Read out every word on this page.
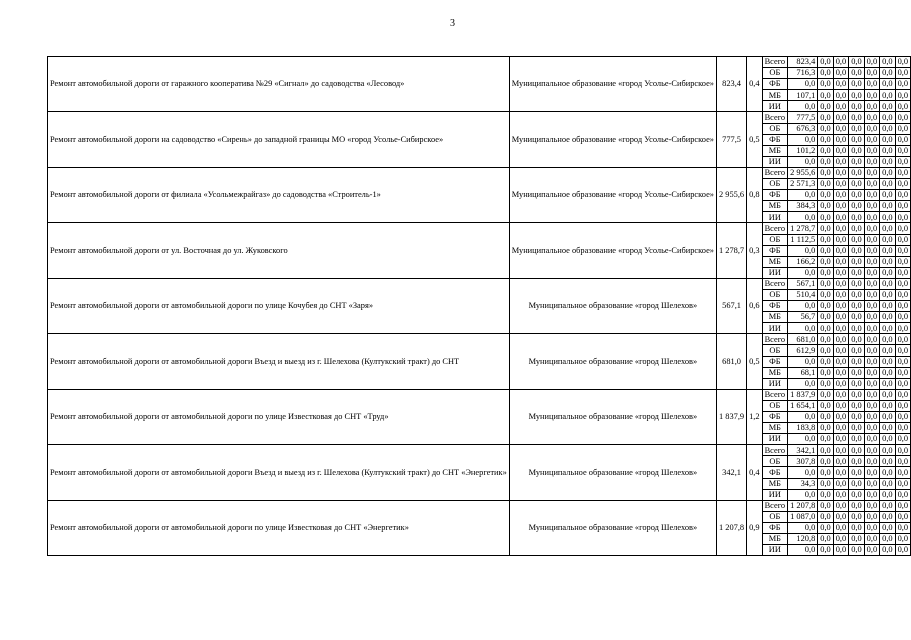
3
Ремонт автомобильной дороги от гаражного кооператива №29 «Сигнал» до садоводства «Лесовод»	Муниципальное образование «город Усолье-Сибирское»	823,4	0,4	Всего	823,4	0,0	0,0	0,0	0,0	0,0	0,0
				ОБ	716,3	0,0	0,0	0,0	0,0	0,0	0,0
				ФБ	0,0	0,0	0,0	0,0	0,0	0,0	0,0
				МБ	107,1	0,0	0,0	0,0	0,0	0,0	0,0
				ИИ	0,0	0,0	0,0	0,0	0,0	0,0	0,0
Ремонт автомобильной дороги на садоводство «Сирень» до западной границы МО «город Усолье-Сибирское»	Муниципальное образование «город Усолье-Сибирское»	777,5	0,5	Всего	777,5	0,0	0,0	0,0	0,0	0,0	0,0
				ОБ	676,3	0,0	0,0	0,0	0,0	0,0	0,0
				ФБ	0,0	0,0	0,0	0,0	0,0	0,0	0,0
				МБ	101,2	0,0	0,0	0,0	0,0	0,0	0,0
				ИИ	0,0	0,0	0,0	0,0	0,0	0,0	0,0
Ремонт автомобильной дороги от филиала «Усольмежрайгаз» до садоводства «Строитель-1»	Муниципальное образование «город Усолье-Сибирское»	2 955,6	0,8	Всего	2 955,6	0,0	0,0	0,0	0,0	0,0	0,0
				ОБ	2 571,3	0,0	0,0	0,0	0,0	0,0	0,0
				ФБ	0,0	0,0	0,0	0,0	0,0	0,0	0,0
				МБ	384,3	0,0	0,0	0,0	0,0	0,0	0,0
				ИИ	0,0	0,0	0,0	0,0	0,0	0,0	0,0
Ремонт автомобильной дороги от ул. Восточная до ул. Жуковского	Муниципальное образование «город Усолье-Сибирское»	1 278,7	0,3	Всего	1 278,7	0,0	0,0	0,0	0,0	0,0	0,0
				ОБ	1 112,5	0,0	0,0	0,0	0,0	0,0	0,0
				ФБ	0,0	0,0	0,0	0,0	0,0	0,0	0,0
				МБ	166,2	0,0	0,0	0,0	0,0	0,0	0,0
				ИИ	0,0	0,0	0,0	0,0	0,0	0,0	0,0
Ремонт автомобильной дороги от автомобильной дороги по улице Кочубея до СНТ «Заря»	Муниципальное образование «город Шелехов»	567,1	0,6	Всего	567,1	0,0	0,0	0,0	0,0	0,0	0,0
				ОБ	510,4	0,0	0,0	0,0	0,0	0,0	0,0
				ФБ	0,0	0,0	0,0	0,0	0,0	0,0	0,0
				МБ	56,7	0,0	0,0	0,0	0,0	0,0	0,0
				ИИ	0,0	0,0	0,0	0,0	0,0	0,0	0,0
Ремонт автомобильной дороги от автомобильной дороги Въезд и выезд из г. Шелехова (Култукский тракт) до СНТ	Муниципальное образование «город Шелехов»	681,0	0,5	Всего	681,0	0,0	0,0	0,0	0,0	0,0	0,0
				ОБ	612,9	0,0	0,0	0,0	0,0	0,0	0,0
				ФБ	0,0	0,0	0,0	0,0	0,0	0,0	0,0
				МБ	68,1	0,0	0,0	0,0	0,0	0,0	0,0
				ИИ	0,0	0,0	0,0	0,0	0,0	0,0	0,0
Ремонт автомобильной дороги от автомобильной дороги по улице Известковая до СНТ «Труд»	Муниципальное образование «город Шелехов»	1 837,9	1,2	Всего	1 837,9	0,0	0,0	0,0	0,0	0,0	0,0
				ОБ	1 654,1	0,0	0,0	0,0	0,0	0,0	0,0
				ФБ	0,0	0,0	0,0	0,0	0,0	0,0	0,0
				МБ	183,8	0,0	0,0	0,0	0,0	0,0	0,0
				ИИ	0,0	0,0	0,0	0,0	0,0	0,0	0,0
Ремонт автомобильной дороги от автомобильной дороги Въезд и выезд из г. Шелехова (Култукский тракт) до СНТ «Энергетик»	Муниципальное образование «город Шелехов»	342,1	0,4	Всего	342,1	0,0	0,0	0,0	0,0	0,0	0,0
				ОБ	307,8	0,0	0,0	0,0	0,0	0,0	0,0
				ФБ	0,0	0,0	0,0	0,0	0,0	0,0	0,0
				МБ	34,3	0,0	0,0	0,0	0,0	0,0	0,0
				ИИ	0,0	0,0	0,0	0,0	0,0	0,0	0,0
Ремонт автомобильной дороги от автомобильной дороги по улице Известковая до СНТ «Энергетик»	Муниципальное образование «город Шелехов»	1 207,8	0,9	Всего	1 207,8	0,0	0,0	0,0	0,0	0,0	0,0
				ОБ	1 087,0	0,0	0,0	0,0	0,0	0,0	0,0
				ФБ	0,0	0,0	0,0	0,0	0,0	0,0	0,0
				МБ	120,8	0,0	0,0	0,0	0,0	0,0	0,0
				ИИ	0,0	0,0	0,0	0,0	0,0	0,0	0,0
